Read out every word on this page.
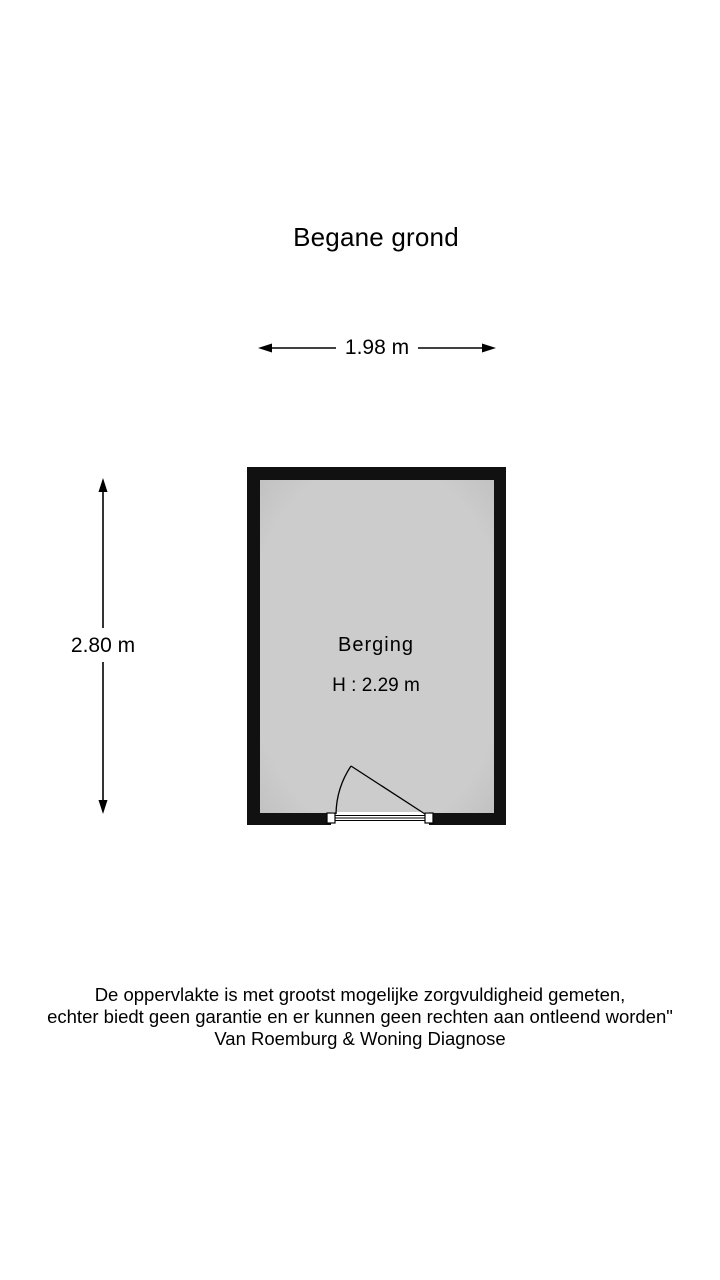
Begane grond
1.98 m
2.80 m	Berging
H : 2.29 m
De oppervlakte is met grootst mogelijke zorgvuldigheid gemeten,
echter biedt geen garantie en er kunnen geen rechten aan ontleend worden"
Van Roemburg & Woning Diagnose
